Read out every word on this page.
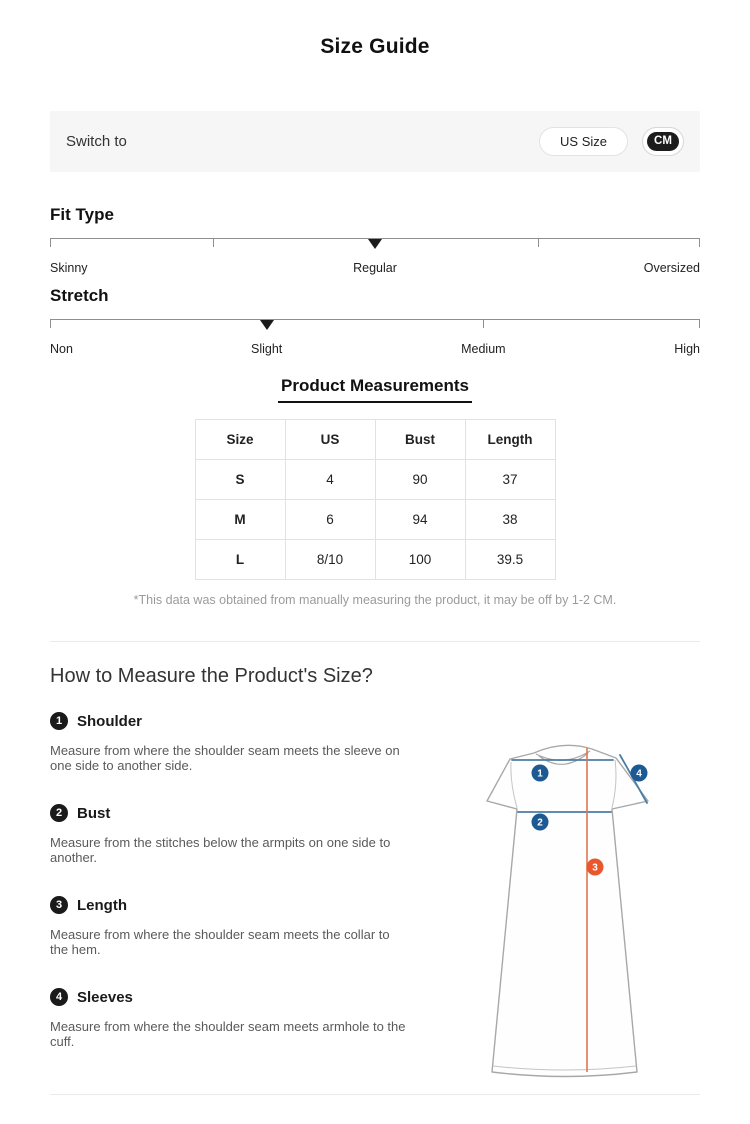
Size Guide
Switch to	US Size	CM
Fit Type
Skinny	Regular	Oversized
Stretch
Non	Slight	Medium	High
Product Measurements
Size	US	Bust	Length
S	4	90	37
M	6	94	38
L	8/10	100	39.5
*This data was obtained from manually measuring the product, it may be off by 1-2 CM.
How to Measure the Product's Size?
1 Shoulder
Measure from where the shoulder seam meets the sleeve on one side to another side.
2 Bust
Measure from the stitches below the armpits on one side to another.
3 Length
Measure from where the shoulder seam meets the collar to the hem.
4 Sleeves
Measure from where the shoulder seam meets armhole to the cuff.
1
2
3
4
